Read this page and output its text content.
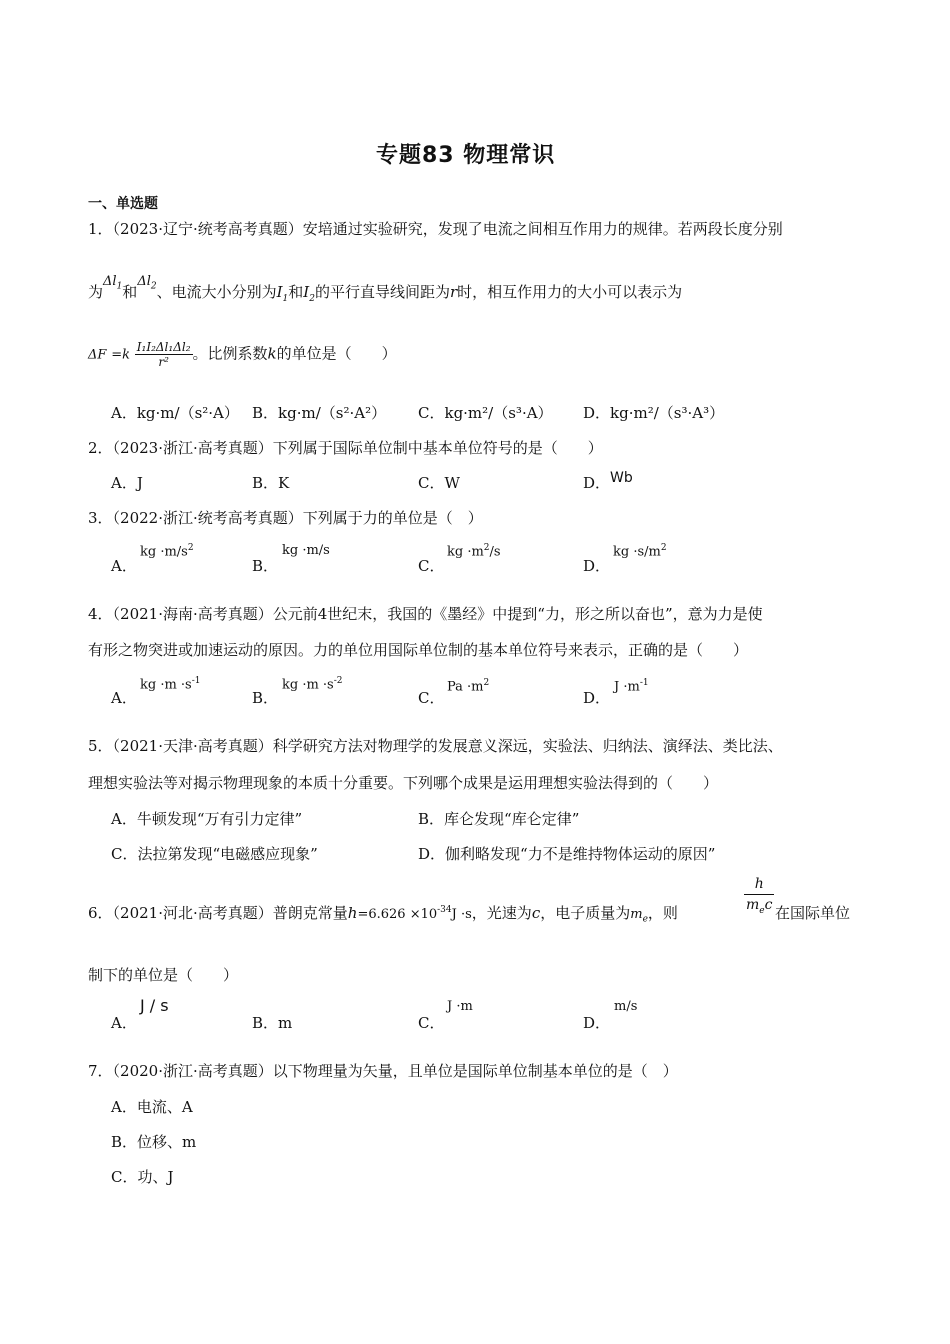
专题83 物理常识
一、单选题
1．（2023·辽宁·统考高考真题）安培通过实验研究，发现了电流之间相互作用力的规律。若两段长度分别
为$\Delta l_1$和$\Delta l_2$、电流大小分别为$I_1$和$I_2$的平行直导线间距为r时，相互作用力的大小可以表示为
$\Delta F =k \frac{\text{I₁I₂Δl₁Δl₂}}{\text{r²}}$ 。比例系数k的单位是（　　）
A．kg·m/（s²·A） B．kg·m/（s²·A²） C．kg·m²/（s³·A） D．kg·m²/（s³·A³）
2．（2023·浙江·高考真题）下列属于国际单位制中基本单位符号的是（　　）
A．J	B．K	C．W	D．Wb
3．（2022·浙江·统考高考真题）下列属于力的单位是（　）
A．
kg $\cdot m/s^2$
B．
kg ·m/s
C．
kg $\cdot m^2/s$
D．
kg $\cdot s/m^2$
4．（2021·海南·高考真题）公元前4世纪末，我国的《墨经》中提到“力，形之所以奋也”，意为力是使
有形之物突进或加速运动的原因。力的单位用国际单位制的基本单位符号来表示，正确的是（　　）
A．
kg $\cdot m \cdot s^{-1}$
B．
kg $\cdot m \cdot s^{-2}$
C．
$Pa \cdot m^2$
D．
$J \cdot m^{-1}$
5．（2021·天津·高考真题）科学研究方法对物理学的发展意义深远，实验法、归纳法、演绎法、类比法、
理想实验法等对揭示物理现象的本质十分重要。下列哪个成果是运用理想实验法得到的（　　）
A．牛顿发现“万有引力定律”	B．库仑发现“库仑定律”
C．法拉第发现“电磁感应现象”	D．伽利略发现“力不是维持物体运动的原因”
6．（2021·河北·高考真题）普朗克常量$h=6.626 \times 10^{-34}J \cdot s$，光速为c，电子质量为$m_e$，则
h
$m_ec$ 在国际单位
制下的单位是（　　）
A．
J / s
B．m	C．
J ·m
D．
m/s
7．（2020·浙江·高考真题）以下物理量为矢量，且单位是国际单位制基本单位的是（　）
A．电流、A
B．位移、m
C．功、J
